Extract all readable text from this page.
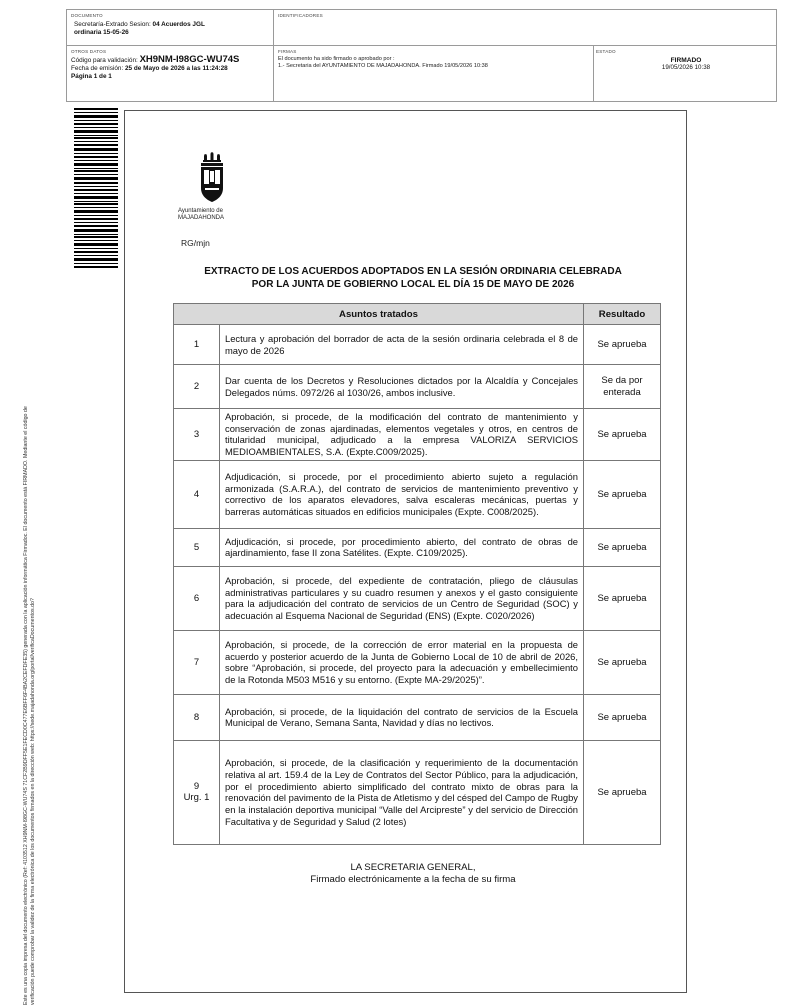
DOCUMENTO
Secretaría-Extrado Sesion: 04 Acuerdos JGL
ordinaria 15-05-26
IDENTIFICADORES
OTROS DATOS
Código para validación: XH9NM-I98GC-WU74S
Fecha de emisión: 25 de Mayo de 2026 a las 11:24:28
Página 1 de 1
FIRMAS
El documento ha sido firmado o aprobado por :
1.- Secretaria del AYUNTAMIENTO DE MAJADAHONDA. Firmado 19/05/2026 10:38
ESTADO
FIRMADO
19/05/2026 10:38
Este es una copia impresa del documento electrónico (Ref: 4103512 XH9NM-I98GC-WU74S 71CF2B9DFF5E1FECD0C477E6BFF6F4BA2CEFDFE35) generada con la aplicación informática Firmadoc. El documento está FIRMADO. Mediante el código de verificación puede comprobar la validez de la firma electrónica de los documentos firmados en la dirección web: https://sede.majadahonda.org/portal/verificaDocumentos.do?
Ayuntamiento de
MAJADAHONDA
RG/mjn
EXTRACTO DE LOS ACUERDOS ADOPTADOS EN LA SESIÓN ORDINARIA CELEBRADA
POR LA JUNTA DE GOBIERNO LOCAL EL DÍA 15 DE MAYO DE 2026
Asuntos tratados		Resultado
1	Lectura y aprobación del borrador de acta de la sesión ordinaria celebrada el 8 de mayo de 2026	Se aprueba
2	Dar cuenta de los Decretos y Resoluciones dictados por la Alcaldía y Concejales Delegados núms. 0972/26 al 1030/26, ambos inclusive.	Se da por enterada

3	Aprobación, si procede, de la modificación del contrato de mantenimiento y conservación de zonas ajardinadas, elementos vegetales y otros, en centros de titularidad municipal, adjudicado a la empresa VALORIZA SERVICIOS MEDIOAMBIENTALES, S.A. (Expte.C009/2025).	Se aprueba
4	Adjudicación, si procede, por el procedimiento abierto sujeto a regulación armonizada (S.A.R.A.), del contrato de servicios de mantenimiento preventivo y correctivo de los aparatos elevadores, salva escaleras mecánicas, puertas y barreras automáticas situados en edificios municipales (Expte. C008/2025).	Se aprueba
5	Adjudicación, si procede, por procedimiento abierto, del contrato de obras de ajardinamiento, fase II zona Satélites. (Expte. C109/2025).	Se aprueba
6	Aprobación, si procede, del expediente de contratación, pliego de cláusulas administrativas particulares y su cuadro resumen y anexos y el gasto consiguiente para la adjudicación del contrato de servicios de un Centro de Seguridad (SOC) y adecuación al Esquema Nacional de Seguridad (ENS) (Expte. C020/2026)	Se aprueba
7	Aprobación, si procede, de la corrección de error material en la propuesta de acuerdo y posterior acuerdo de la Junta de Gobierno Local de 10 de abril de 2026, sobre “Aprobación, si procede, del proyecto para la adecuación y embellecimiento de la Rotonda M503 M516 y su entorno. (Expte MA-29/2025)”.	Se aprueba
8	Aprobación, si procede, de la liquidación del contrato de servicios de la Escuela Municipal de Verano, Semana Santa, Navidad y días no lectivos.	Se aprueba

9
Urg. 1	Aprobación, si procede, de la clasificación y requerimiento de la documentación relativa al art. 159.4 de la Ley de Contratos del Sector Público, para la adjudicación, por el procedimiento abierto simplificado del contrato mixto de obras para la renovación del pavimento de la Pista de Atletismo y del césped del Campo de Rugby en la instalación deportiva municipal “Valle del Arcipreste” y del servicio de Dirección Facultativa y de Seguridad y Salud (2 lotes)	Se aprueba
LA SECRETARIA GENERAL,
Firmado electrónicamente a la fecha de su firma
